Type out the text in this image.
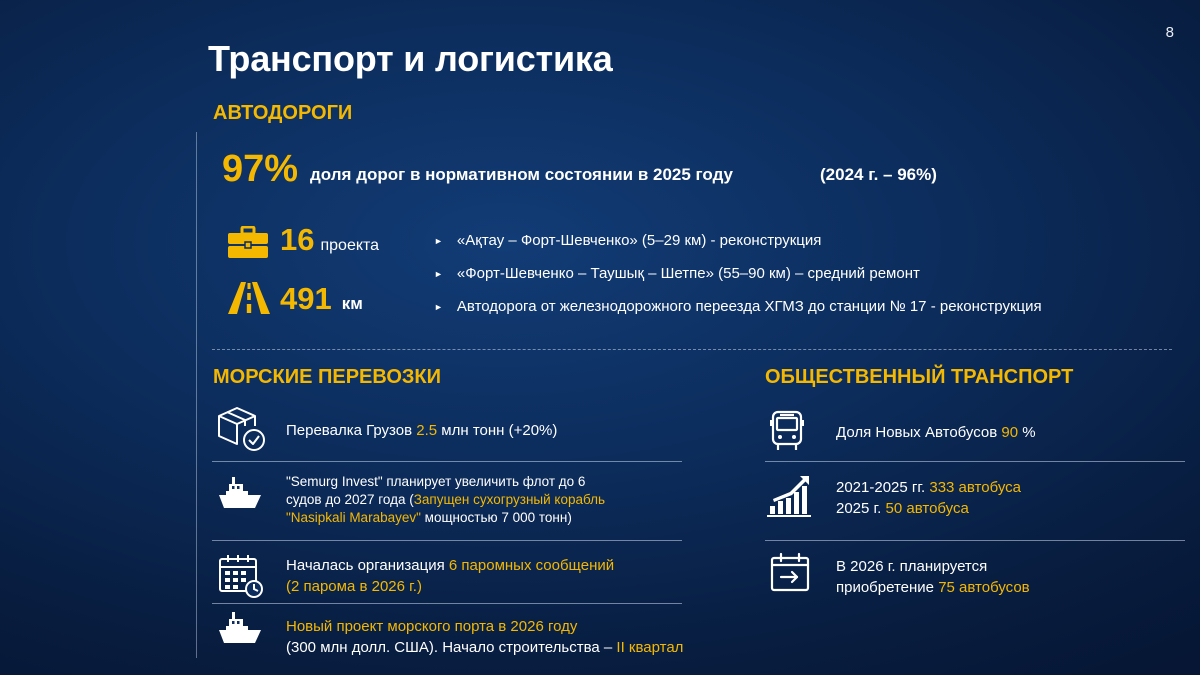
8
Транспорт и логистика
АВТОДОРОГИ
97% доля дорог в нормативном состоянии в 2025 году	(2024 г. – 96%)
16 проекта
491 км
► «Ақтау – Форт-Шевченко» (5–29 км) - реконструкция
► «Форт-Шевченко – Таушық – Шетпе» (55–90 км) – средний ремонт
► Автодорога от железнодорожного переезда ХГМЗ до станции № 17 - реконструкция
МОРСКИЕ ПЕРЕВОЗКИ
Перевалка Грузов 2.5 млн тонн (+20%)
"Semurg Invest" планирует увеличить флот до 6
судов до 2027 года (Запущен сухогрузный корабль
"Nasipkali Marabayev" мощностью 7 000 тонн)
Началась организация 6 паромных сообщений
(2 парома в 2026 г.)
Новый проект морского порта в 2026 году
(300 млн долл. США). Начало строительства – II квартал
ОБЩЕСТВЕННЫЙ ТРАНСПОРТ
Доля Новых Автобусов 90 %
2021-2025 гг. 333 автобуса
2025 г. 50 автобуса
В 2026 г. планируется
приобретение 75 автобусов
